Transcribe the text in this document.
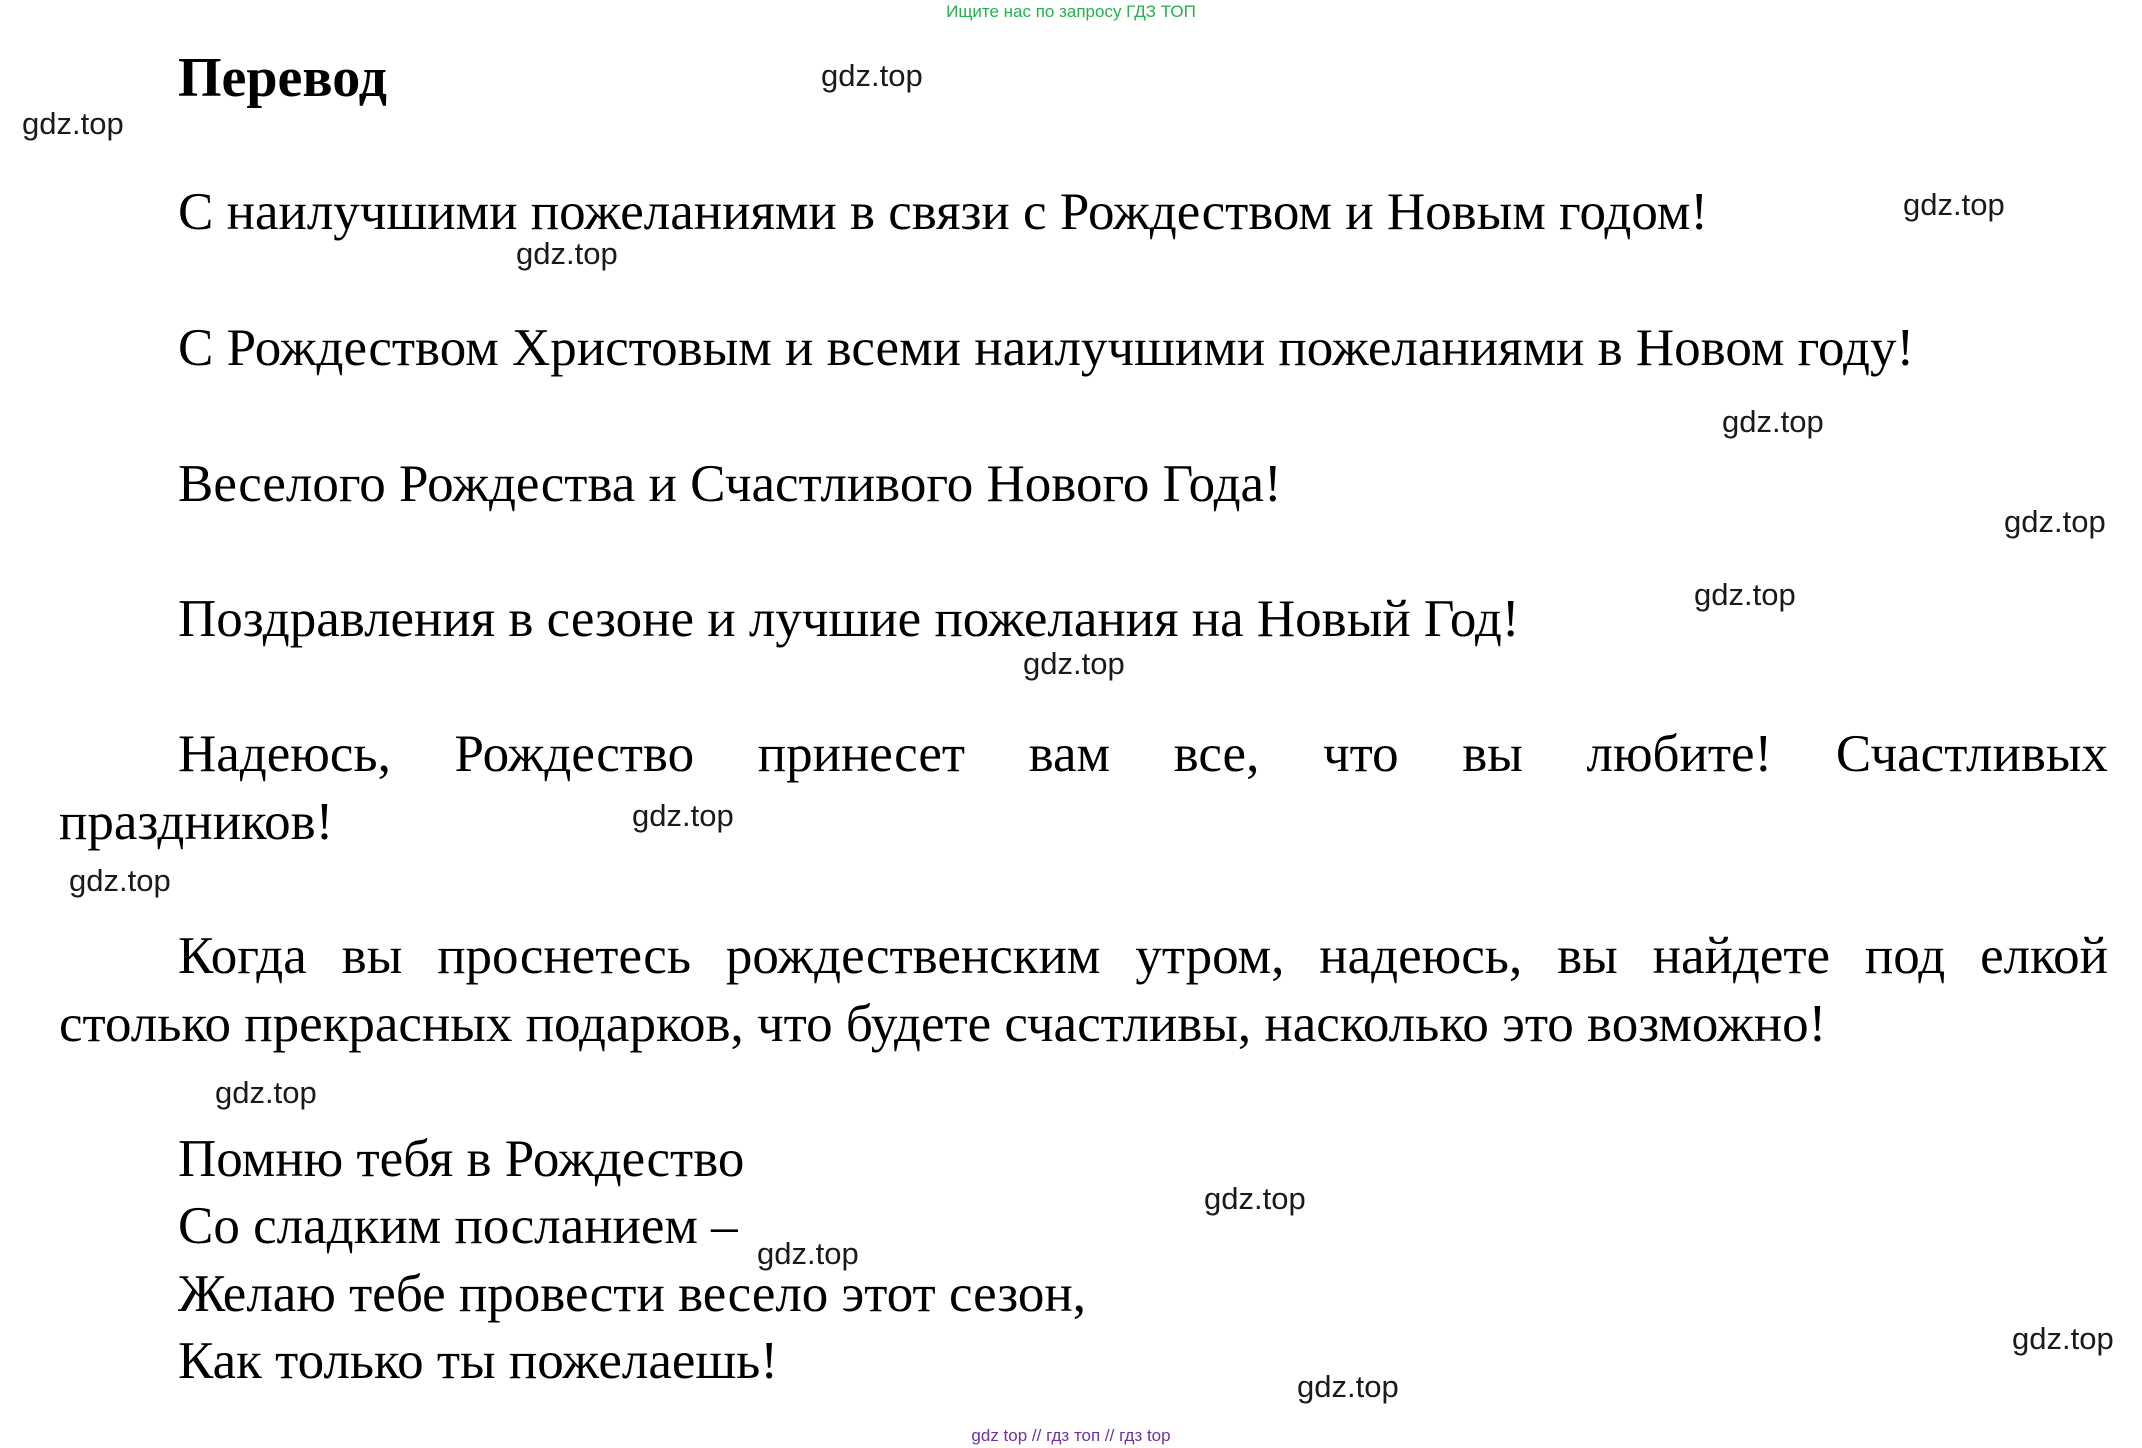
Ищите нас по запросу ГДЗ ТОП
Перевод
С наилучшими пожеланиями в связи с Рождеством и Новым годом!
С Рождеством Христовым и всеми наилучшими пожеланиями в Новом году!
Веселого Рождества и Счастливого Нового Года!
Поздравления в сезоне и лучшие пожелания на Новый Год!
Надеюсь, Рождество принесет вам все, что вы любите! Счастливых
праздников!
Когда вы проснетесь рождественским утром, надеюсь, вы найдете под елкой
столько прекрасных подарков, что будете счастливы, насколько это возможно!
Помню тебя в Рождество
Со сладким посланием –
Желаю тебе провести весело этот сезон,
Как только ты пожелаешь!
gdz.top
gdz.top
gdz.top
gdz.top
gdz.top
gdz.top
gdz.top
gdz.top
gdz.top
gdz.top
gdz.top
gdz.top
gdz.top
gdz.top
gdz.top
gdz top // гдз топ // гдз top
